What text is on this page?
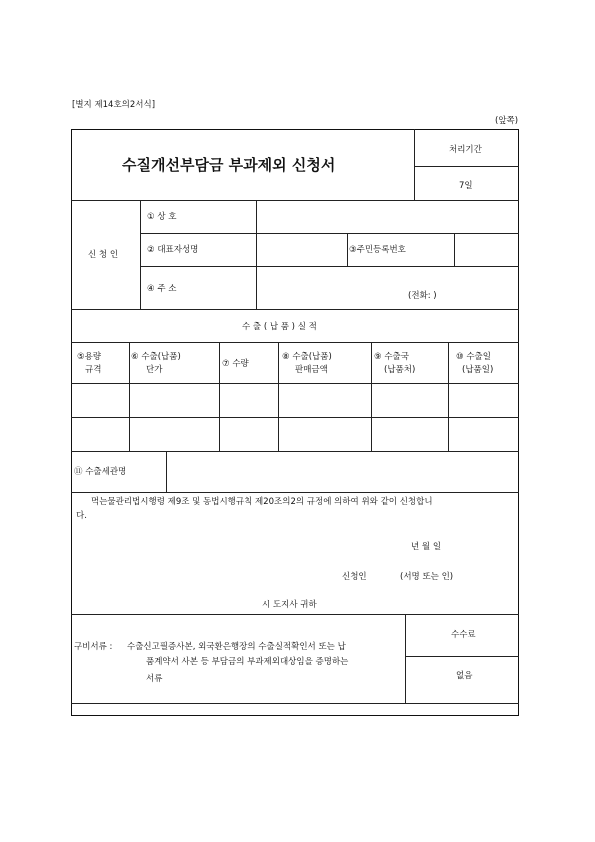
[별지 제14호의2서식]
(앞쪽)
수질개선부담금 부과제외 신청서
처리기간
7일
신 청 인
① 상 호
② 대표자성명	③주민등록번호
④ 주 소
(전화: )
수 출 ( 납 품 ) 실 적
⑤용량
규격
⑥ 수출(납품)
단가
⑦ 수량
⑧ 수출(납품)
판매금액
⑨ 수출국
(납품처)
⑩ 수출일
(납품일)
⑪ 수출세관명
먹는물관리법시행령 제9조 및 동법시행규칙 제20조의2의 규정에 의하여 위와 같이 신청합니
다.
년 월 일
신청인	(서명 또는 인)
시 도지사 귀하
구비서류 : 수출신고필증사본, 외국환은행장의 수출실적확인서 또는 납
품계약서 사본 등 부담금의 부과제외대상임을 증명하는
서류
수수료
없음
